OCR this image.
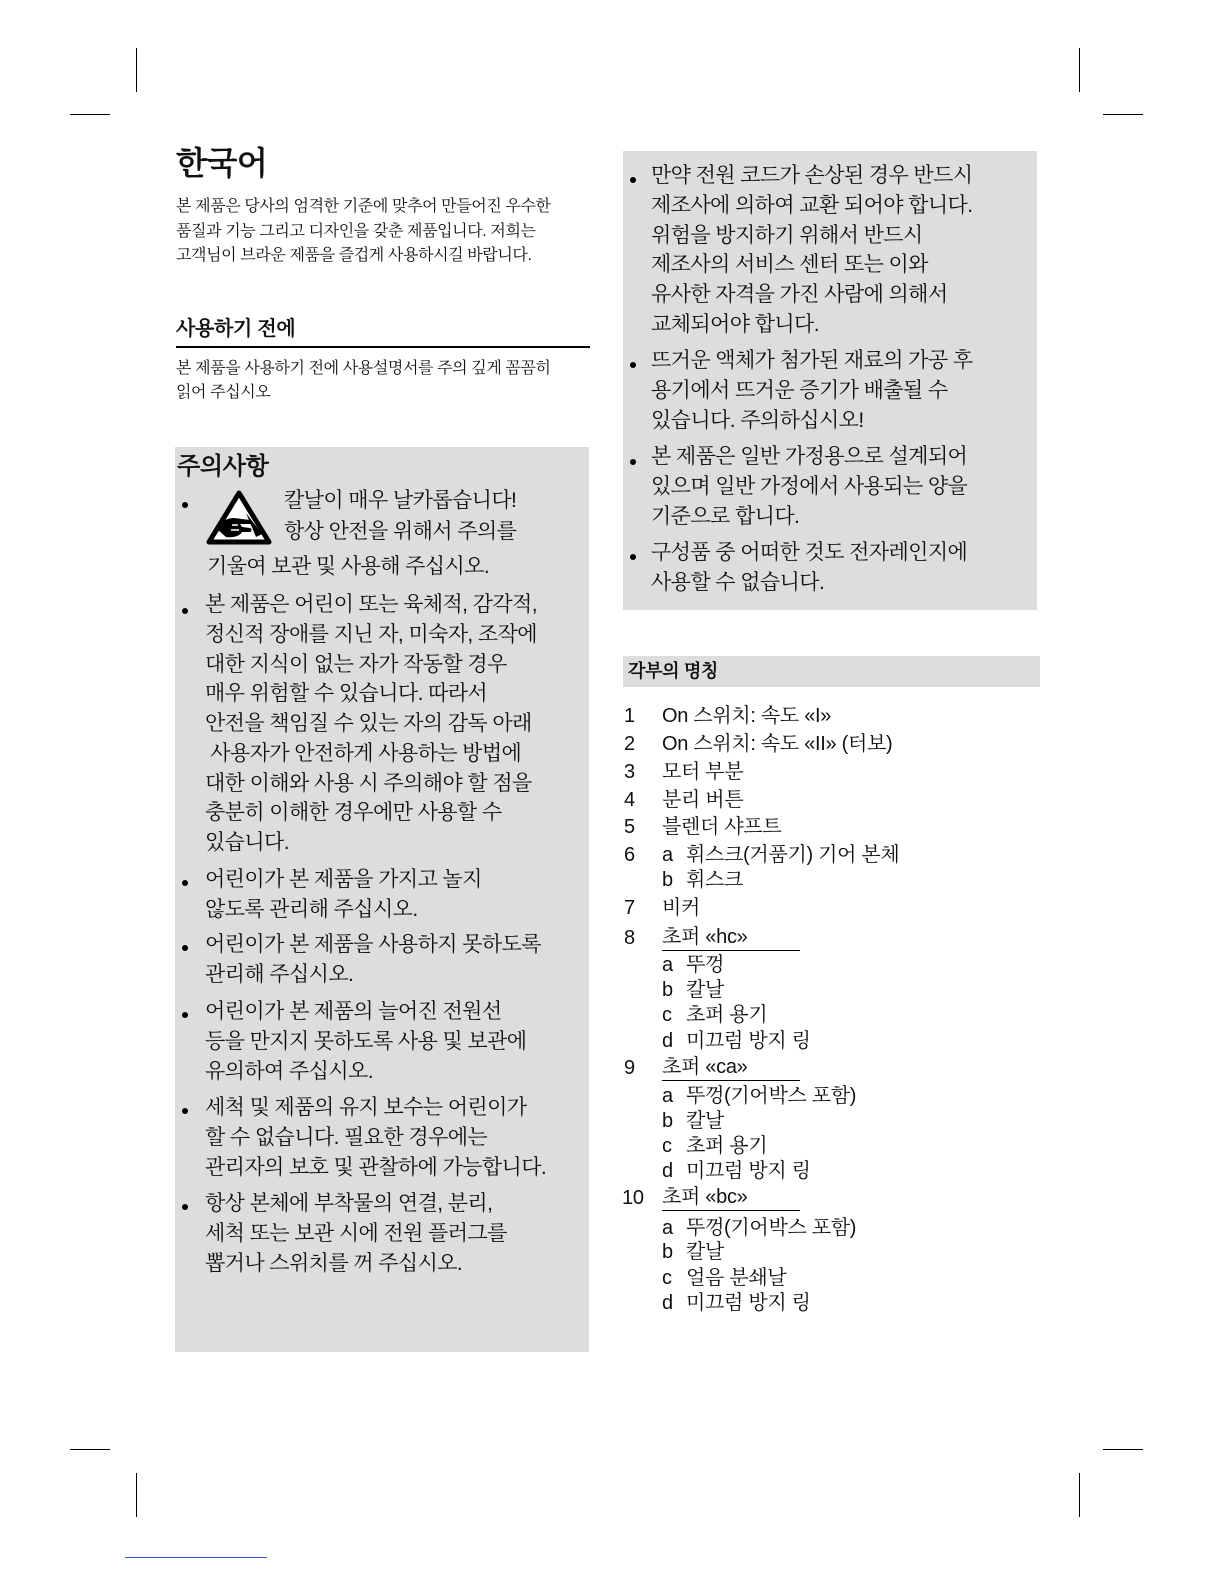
한국어
본 제품은 당사의 엄격한 기준에 맞추어 만들어진 우수한
품질과 기능 그리고 디자인을 갖춘 제품입니다. 저희는
고객님이 브라운 제품을 즐겁게 사용하시길 바랍니다.
사용하기 전에
본 제품을 사용하기 전에 사용설명서를 주의 깊게 꼼꼼히
읽어 주십시오
주의사항
칼날이 매우 날카롭습니다!
항상 안전을 위해서 주의를
기울여 보관 및 사용해 주십시오.
본 제품은 어린이 또는 육체적, 감각적,
정신적 장애를 지닌 자, 미숙자, 조작에
대한 지식이 없는 자가 작동할 경우
매우 위험할 수 있습니다. 따라서
안전을 책임질 수 있는 자의 감독 아래
사용자가 안전하게 사용하는 방법에
대한 이해와 사용 시 주의해야 할 점을
충분히 이해한 경우에만 사용할 수
있습니다.
어린이가 본 제품을 가지고 놀지
않도록 관리해 주십시오.
어린이가 본 제품을 사용하지 못하도록
관리해 주십시오.
어린이가 본 제품의 늘어진 전원선
등을 만지지 못하도록 사용 및 보관에
유의하여 주십시오.
세척 및 제품의 유지 보수는 어린이가
할 수 없습니다. 필요한 경우에는
관리자의 보호 및 관찰하에 가능합니다.
항상 본체에 부착물의 연결, 분리,
세척 또는 보관 시에 전원 플러그를
뽑거나 스위치를 꺼 주십시오.
만약 전원 코드가 손상된 경우 반드시
제조사에 의하여 교환 되어야 합니다.
위험을 방지하기 위해서 반드시
제조사의 서비스 센터 또는 이와
유사한 자격을 가진 사람에 의해서
교체되어야 합니다.
뜨거운 액체가 첨가된 재료의 가공 후
용기에서 뜨거운 증기가 배출될 수
있습니다. 주의하십시오!
본 제품은 일반 가정용으로 설계되어
있으며 일반 가정에서 사용되는 양을
기준으로 합니다.
구성품 중 어떠한 것도 전자레인지에
사용할 수 없습니다.
각부의 명칭
1 On 스위치: 속도 «I»
2 On 스위치: 속도 «II» (터보)
3 모터 부분
4 분리 버튼
5 블렌더 샤프트
6 a 휘스크(거품기) 기어 본체
b 휘스크
7 비커
8 초퍼 «hc»
a 뚜껑
b 칼날
c 초퍼 용기
d 미끄럼 방지 링
9 초퍼 «ca»
a 뚜껑(기어박스 포함)
b 칼날
c 초퍼 용기
d 미끄럼 방지 링
10 초퍼 «bc»
a 뚜껑(기어박스 포함)
b 칼날
c 얼음 분쇄날
d 미끄럼 방지 링
